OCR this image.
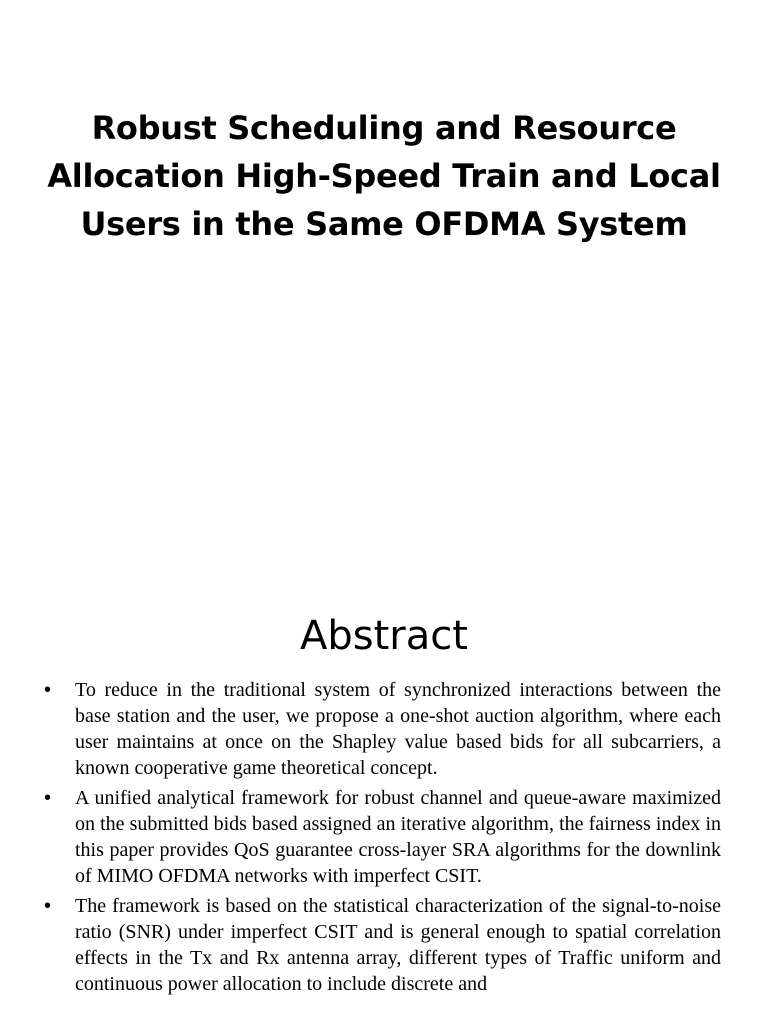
Robust Scheduling and Resource Allocation High-Speed Train and Local Users in the Same OFDMA System
Abstract
• To reduce in the traditional system of synchronized interactions between the base station and the user, we propose a one-shot auction algorithm, where each user maintains at once on the Shapley value based bids for all subcarriers, a known cooperative game theoretical concept.
• A unified analytical framework for robust channel and queue-aware maximized on the submitted bids based assigned an iterative algorithm, the fairness index in this paper provides QoS guarantee cross-layer SRA algorithms for the downlink of MIMO OFDMA networks with imperfect CSIT.
• The framework is based on the statistical characterization of the signal-to-noise ratio (SNR) under imperfect CSIT and is general enough to spatial correlation effects in the Tx and Rx antenna array, different types of Traffic uniform and continuous power allocation to include discrete and
